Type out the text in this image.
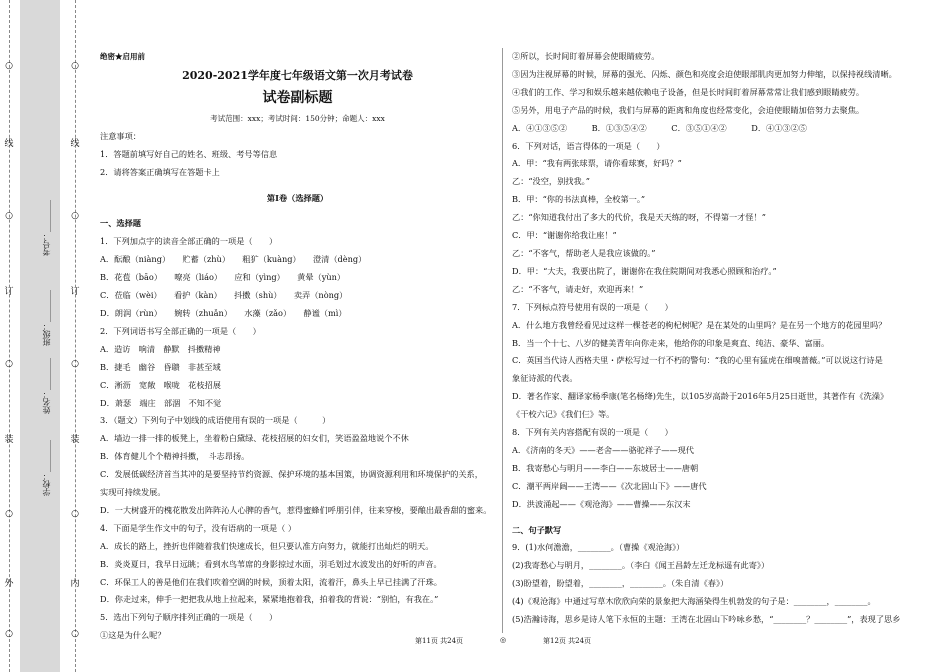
○
线
○
订
○
装
○
外
○
○
线
○
订
○
装
○
内
○
学校：________
姓名：________
班级：________
考号：________
绝密★启用前
2020-2021学年度七年级语文第一次月考试卷
试卷副标题
考试范围：xxx；考试时间：150分钟；命题人：xxx
注意事项：
1．答题前填写好自己的姓名、班级、考号等信息
2．请将答案正确填写在答题卡上
第Ⅰ卷（选择题）
一、选择题
1．下列加点字的读音全部正确的一项是（　　）
A．酝酿（niàng）　　贮蓄（zhù）　　粗犷（kuàng）　　澄清（dèng）
B．花苞（bāo）　　嘹亮（liáo）　　应和（yìng）　　黄晕（yùn）
C．莅临（wèi）　　看护（kàn）　　抖擞（shù）　　卖弄（nòng）
D．朗润（rùn）　　婉转（zhuǎn）　　水藻（zǎo）　　静谧（mì）
2．下列词语书写全部正确的一项是（　　）
A．造访　响清　静默　抖擞精神
B．捷毛　幽谷　昏聩　非甚至域
C．淅沥　宽敞　喉咙　花枝招展
D．萧瑟　端庄　部涸　不知不觉
3．（题文）下列句子中划线的成语使用有误的一项是（　　　）
A．墙边一排一排的板凳上，坐着粉白黛绿、花枝招展的妇女们，笑语盈盈地说个不休
B．体育健儿个个精神抖擞，　斗志昂扬。
C．发展低碳经济首当其冲的是要坚持节约资源、保护环境的基本国策，协调资源利用和环境保护的关系，
实现可持续发展。
D．一大树盛开的槐花散发出阵阵沁人心脾的香气，惹得蜜蜂们呼朋引伴，往来穿梭，要酿出最香甜的蜜来。
4．下面是学生作文中的句子，没有语病的一项是（ ）
A．成长的路上，挫折也伴随着我们快速成长，但只要认准方向努力，就能打出灿烂的明天。
B．炎炎夏日，我早日远眺；看到水鸟苇席的身影掠过水面，羽毛划过水波发出的好听的声音。
C．环保工人的善是他们在我们吹着空调的时候，顶着太阳，流着汗，鼻头上早已挂满了汗珠。
D．你走过来，伸手一把把我从地上拉起来，紧紧地抱着我，拍着我的背说：“别怕，有我在。”
5．选出下列句子顺序排列正确的一项是（　　）
①这是为什么呢？
②所以，长时间盯着屏幕会使眼睛疲劳。
③因为注视屏幕的时候，屏幕的强光、闪烁、颜色和亮度会迫使眼部肌肉更加努力伸缩，以保持视线清晰。
④我们的工作、学习和娱乐越来越依赖电子设备，但是长时间盯着屏幕常常让我们感到眼睛疲劳。
⑤另外，用电子产品的时候，我们与屏幕的距离和角度也经常变化，会迫使眼睛加倍努力去聚焦。
A．④①③⑤②　　　B．①③⑤④②　　　C．③⑤①④②　　　D．④①③②⑤
6．下列对话，语言得体的一项是（　　）
A．甲：“我有两张球票，请你看球赛，好吗？”
乙：“没空，别找我。”
B．甲：“你的书法真棒，全校第一。”
乙：“你知道我付出了多大的代价，我是天天练的呀，不得第一才怪！”
C．甲：“谢谢你给我让座！”
乙：“不客气，帮助老人是我应该做的。”
D．甲：“大夫，我要出院了，谢谢你在我住院期间对我悉心照顾和治疗。”
乙：“不客气，请走好，欢迎再来！”
7．下列标点符号使用有误的一项是（　　）
A．什么地方我曾经看见过这样一棵苍老的枸杞树呢？是在某处的山里吗？是在另一个地方的花园里吗？
B．当一个十七、八岁的健美青年向你走来，他给你的印象是爽直、纯洁、豪华、富丽。
C．英国当代诗人西格夫里・萨松写过一行不朽的警句：“我的心里有猛虎在细嗅蔷薇。”可以说这行诗是
象征诗派的代表。
D．著名作家、翻译家杨季康(笔名杨绛)先生，以105岁高龄于2016年5月25日逝世，其著作有《洗澡》
《干校六记》《我们仨》等。
8．下列有关内容搭配有误的一项是（　　）
A．《济南的冬天》——老舍——骆驼祥子——现代
B．我寄愁心与明月——李白——东坡居士——唐朝
C．潮平两岸阔——王湾——《次北固山下》——唐代
D．洪波涌起——《观沧海》——曹操——东汉末
二、句子默写
9．(1)水何澹澹，________。（曹操《观沧海》）
(2)我寄愁心与明月，________。（李白《闻王昌龄左迁龙标遥有此寄》）
(3)盼望着，盼望着，________，________。（朱自清《春》）
(4)《观沧海》中通过写草木欣欣向荣的景象把大海涵染得生机勃发的句子是：________，________。
(5)浩瀚诗海，思乡是诗人笔下永恒的主题：王湾在北固山下吟咏乡愁，“________？________”，表现了思乡
第11页 共24页	◎	第12页 共24页
